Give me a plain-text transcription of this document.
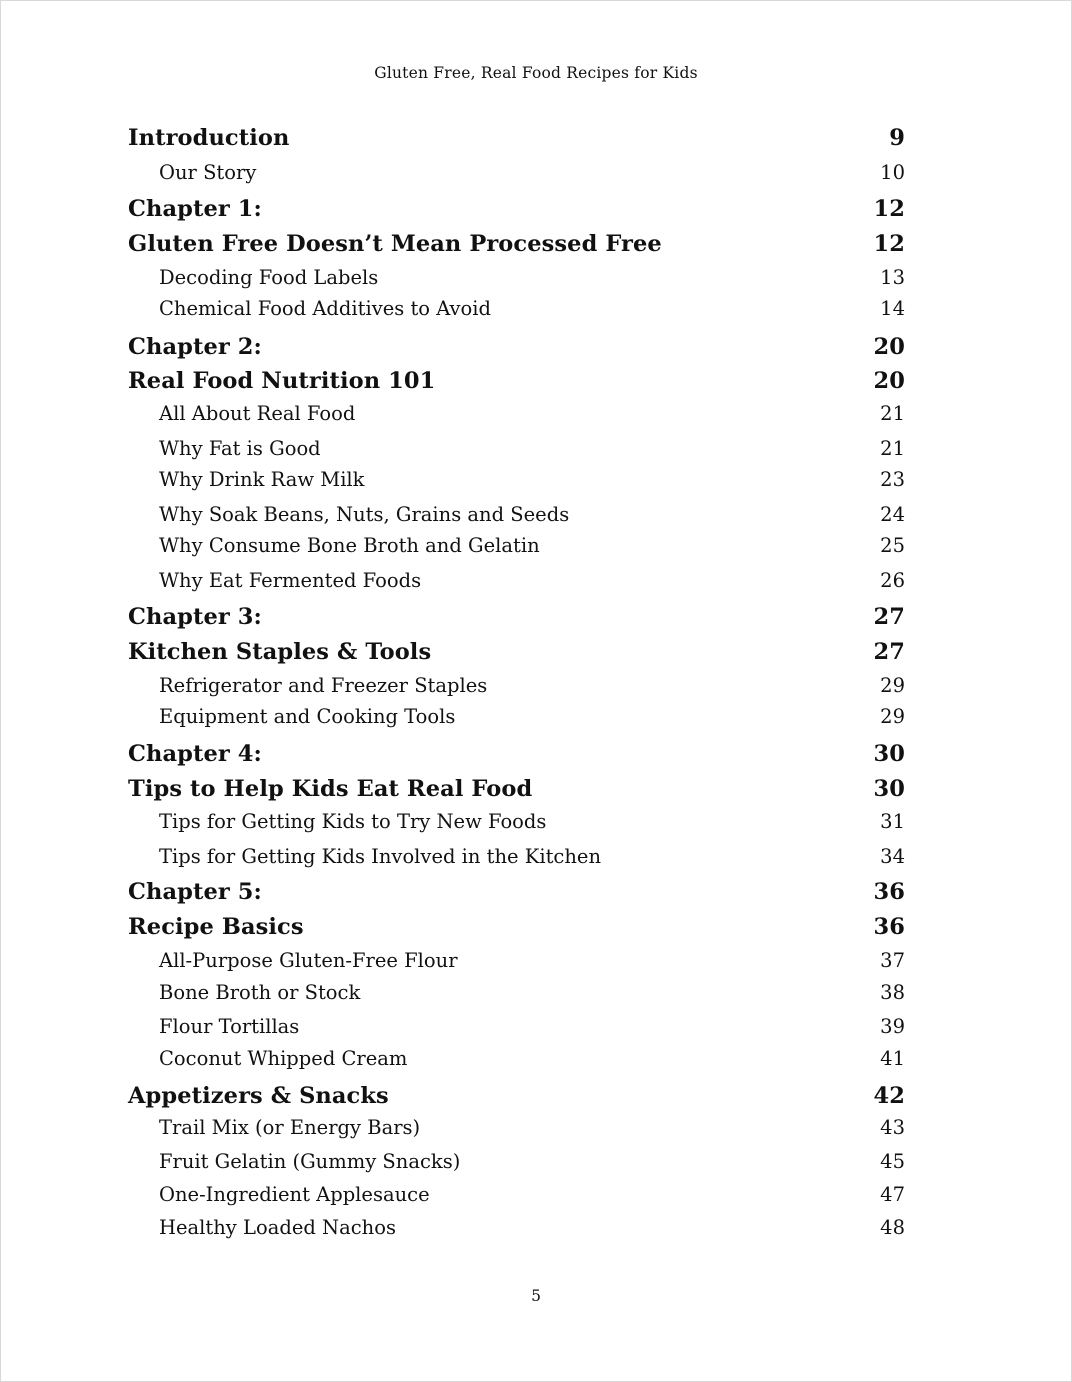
Gluten Free, Real Food Recipes for Kids
Introduction	9
Our Story	10
Chapter 1:	12
Gluten Free Doesn’t Mean Processed Free	12
Decoding Food Labels	13
Chemical Food Additives to Avoid	14
Chapter 2:	20
Real Food Nutrition 101	20
All About Real Food	21
Why Fat is Good	21
Why Drink Raw Milk	23
Why Soak Beans, Nuts, Grains and Seeds	24
Why Consume Bone Broth and Gelatin	25
Why Eat Fermented Foods	26
Chapter 3:	27
Kitchen Staples & Tools	27
Refrigerator and Freezer Staples	29
Equipment and Cooking Tools	29
Chapter 4:	30
Tips to Help Kids Eat Real Food	30
Tips for Getting Kids to Try New Foods	31
Tips for Getting Kids Involved in the Kitchen	34
Chapter 5:	36
Recipe Basics	36
All-Purpose Gluten-Free Flour	37
Bone Broth or Stock	38
Flour Tortillas	39
Coconut Whipped Cream	41
Appetizers & Snacks	42
Trail Mix (or Energy Bars)	43
Fruit Gelatin (Gummy Snacks)	45
One-Ingredient Applesauce	47
Healthy Loaded Nachos	48
5
